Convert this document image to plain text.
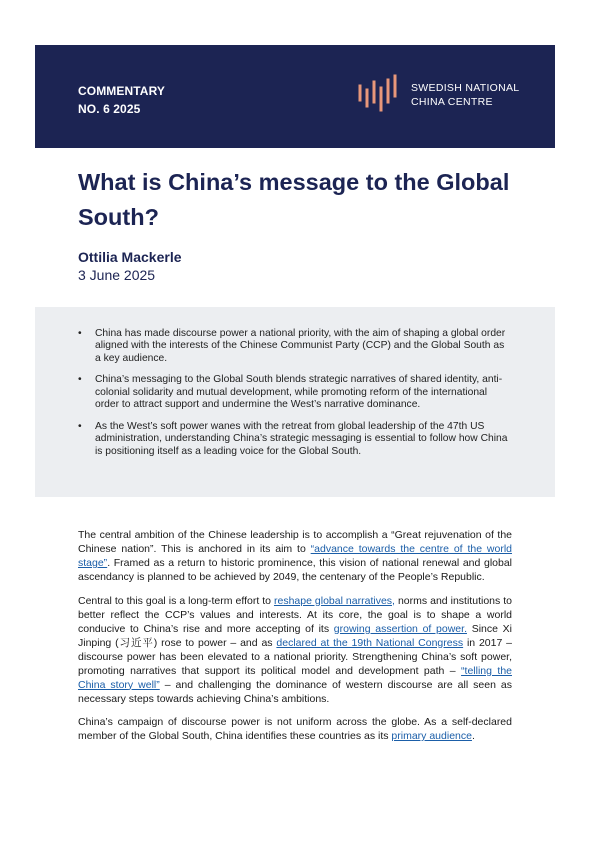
COMMENTARY
NO. 6 2025
SWEDISH NATIONAL
CHINA CENTRE
What is China’s message to the Global South?
Ottilia Mackerle
3 June 2025
• China has made discourse power a national priority, with the aim of shaping a global order aligned with the interests of the Chinese Communist Party (CCP) and the Global South as a key audience.
• China’s messaging to the Global South blends strategic narratives of shared identity, anti-colonial solidarity and mutual development, while promoting reform of the international order to attract support and undermine the West’s narrative dominance.
• As the West’s soft power wanes with the retreat from global leadership of the 47th US administration, understanding China’s strategic messaging is essential to follow how China is positioning itself as a leading voice for the Global South.

The central ambition of the Chinese leadership is to accomplish a “Great rejuvenation of the Chinese nation”. This is anchored in its aim to “advance towards the centre of the world stage”. Framed as a return to historic prominence, this vision of national renewal and global ascendancy is planned to be achieved by 2049, the centenary of the People’s Republic.

Central to this goal is a long-term effort to reshape global narratives, norms and institutions to better reflect the CCP’s values and interests. At its core, the goal is to shape a world conducive to China’s rise and more accepting of its growing assertion of power. Since Xi Jinping (习近平) rose to power – and as declared at the 19th National Congress in 2017 – discourse power has been elevated to a national priority. Strengthening China’s soft power, promoting narratives that support its political model and development path – “telling the China story well” – and challenging the dominance of western discourse are all seen as necessary steps towards achieving China’s ambitions.

China’s campaign of discourse power is not uniform across the globe. As a self-declared member of the Global South, China identifies these countries as its primary audience.
